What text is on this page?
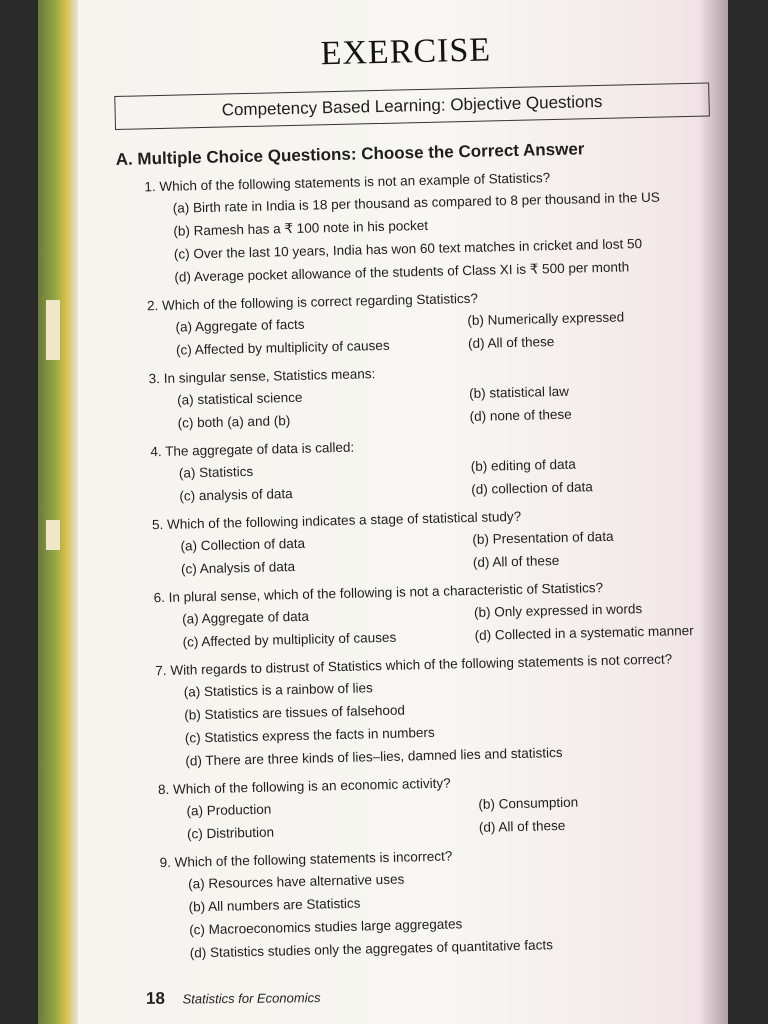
EXERCISE
Competency Based Learning: Objective Questions
A. Multiple Choice Questions: Choose the Correct Answer
1. Which of the following statements is not an example of Statistics?
(a) Birth rate in India is 18 per thousand as compared to 8 per thousand in the US
(b) Ramesh has a ₹ 100 note in his pocket
(c) Over the last 10 years, India has won 60 text matches in cricket and lost 50
(d) Average pocket allowance of the students of Class XI is ₹ 500 per month
2. Which of the following is correct regarding Statistics?
(a) Aggregate of facts	(b) Numerically expressed
(c) Affected by multiplicity of causes	(d) All of these
3. In singular sense, Statistics means:
(a) statistical science	(b) statistical law
(c) both (a) and (b)	(d) none of these
4. The aggregate of data is called:
(a) Statistics	(b) editing of data
(c) analysis of data	(d) collection of data
5. Which of the following indicates a stage of statistical study?
(a) Collection of data	(b) Presentation of data
(c) Analysis of data	(d) All of these
6. In plural sense, which of the following is not a characteristic of Statistics?
(a) Aggregate of data	(b) Only expressed in words
(c) Affected by multiplicity of causes	(d) Collected in a systematic manner
7. With regards to distrust of Statistics which of the following statements is not correct?
(a) Statistics is a rainbow of lies
(b) Statistics are tissues of falsehood
(c) Statistics express the facts in numbers
(d) There are three kinds of lies–lies, damned lies and statistics
8. Which of the following is an economic activity?
(a) Production	(b) Consumption
(c) Distribution	(d) All of these
9. Which of the following statements is incorrect?
(a) Resources have alternative uses
(b) All numbers are Statistics
(c) Macroeconomics studies large aggregates
(d) Statistics studies only the aggregates of quantitative facts
18 Statistics for Economics
